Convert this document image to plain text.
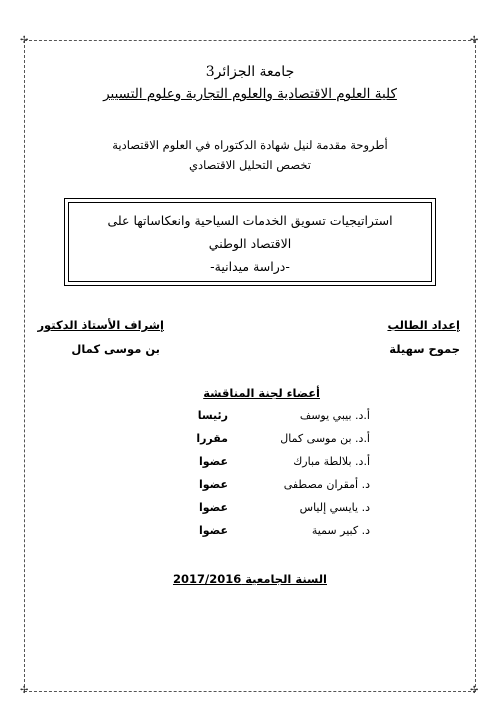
✢	✢
✢	✢
جامعة الجزائر3
كلية العلوم الاقتصادية والعلوم التجارية وعلوم التسيير
أطروحة مقدمة لنيل شهادة الدكتوراه في العلوم الاقتصادية
تخصص التحليل الاقتصادي
استراتيجيات تسويق الخدمات السياحية وانعكاساتها على
الاقتصاد الوطني
-دراسة ميدانية-
إعداد الطالب
جموح سهيلة
إشراف الأستاذ الدكتور
بن موسى كمال
أعضاء لجنة المناقشة
أ.د. بيبي يوسف
رئيسا
أ.د. بن موسى كمال
مقررا
أ.د. بلالطة مبارك
عضوا
د. أمقران مصطفى
عضوا
د. يايسي إلياس
عضوا
د. كبير سمية
عضوا
السنة الجامعية 2017/2016
